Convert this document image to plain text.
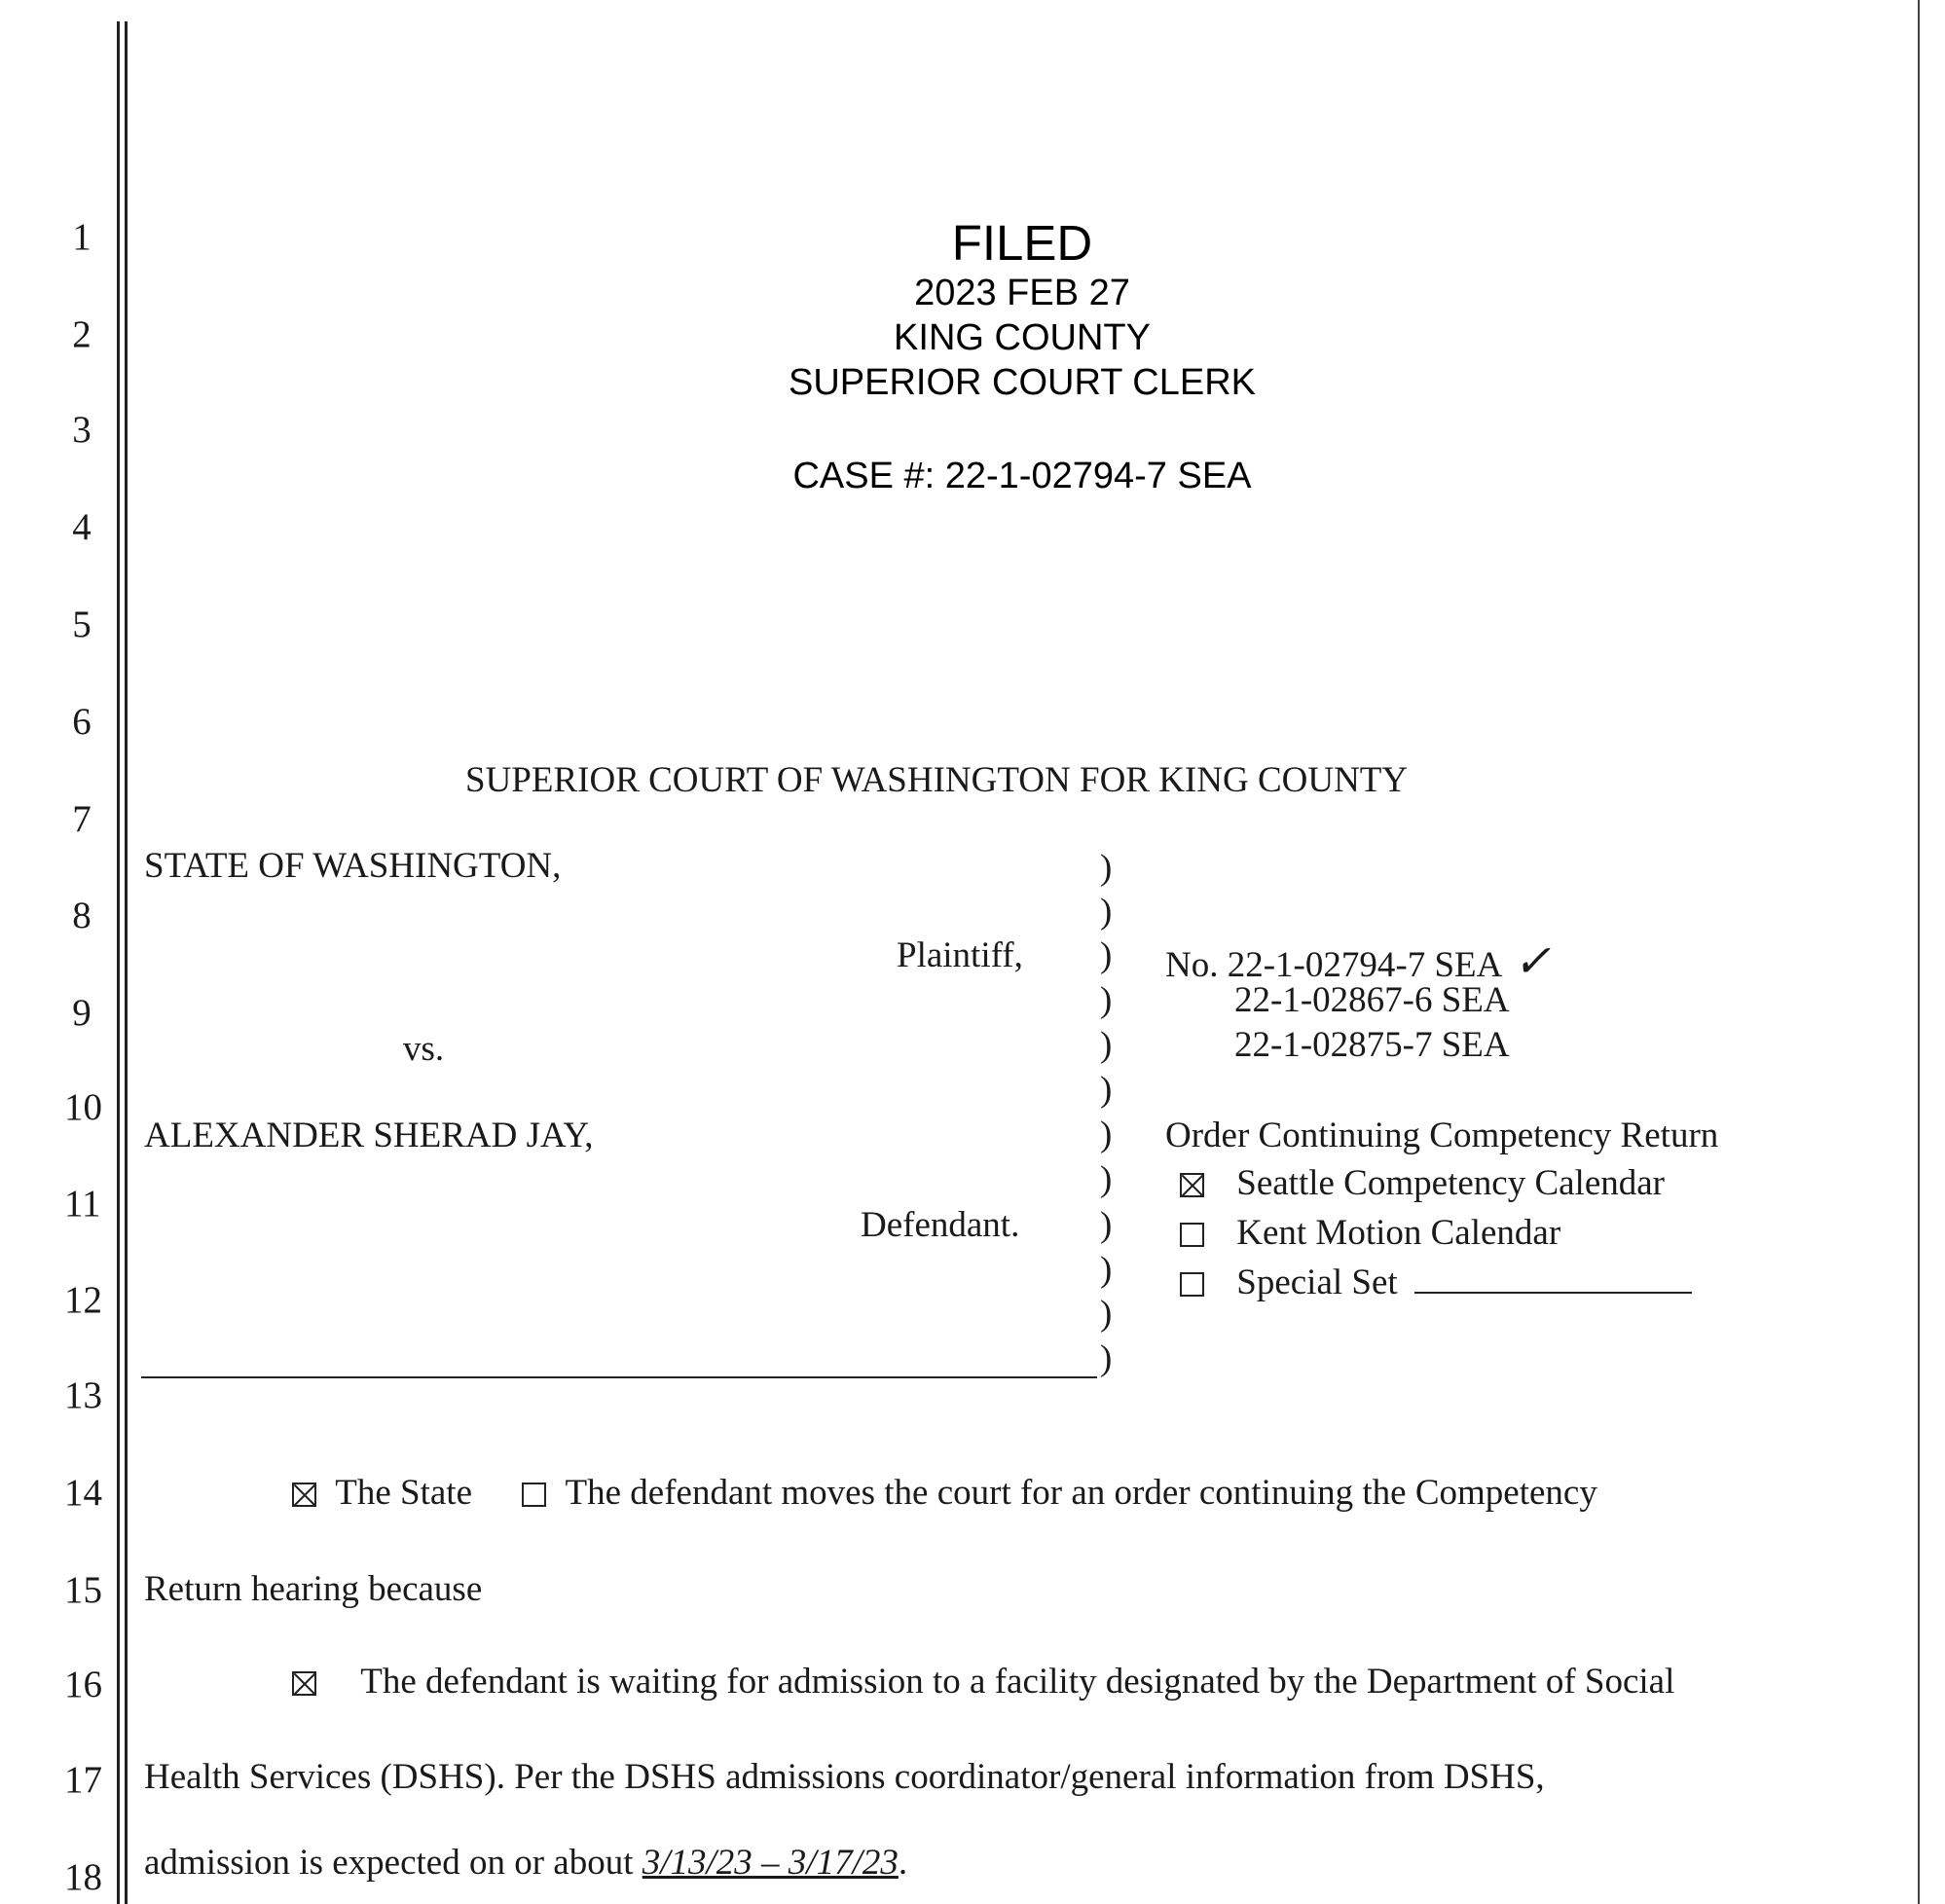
1
2
3
4
5
6
7
8
9
10
11
12
13
14
15
16
17
18
FILED
2023 FEB 27
KING COUNTY
SUPERIOR COURT CLERK
CASE #: 22-1-02794-7 SEA
SUPERIOR COURT OF WASHINGTON FOR KING COUNTY
STATE OF WASHINGTON,
Plaintiff,
vs.
ALEXANDER SHERAD JAY,
Defendant.
)
)
)
)
)
)
)
)
)
)
)
)
No. 22-1-02794-7 SEA ✓
22-1-02867-6 SEA
22-1-02875-7 SEA
Order Continuing Competency Return
Seattle Competency Calendar
Kent Motion Calendar
Special Set
The State	The defendant moves the court for an order continuing the Competency
Return hearing because
The defendant is waiting for admission to a facility designated by the Department of Social
Health Services (DSHS). Per the DSHS admissions coordinator/general information from DSHS,
admission is expected on or about 3/13/23 – 3/17/23.
